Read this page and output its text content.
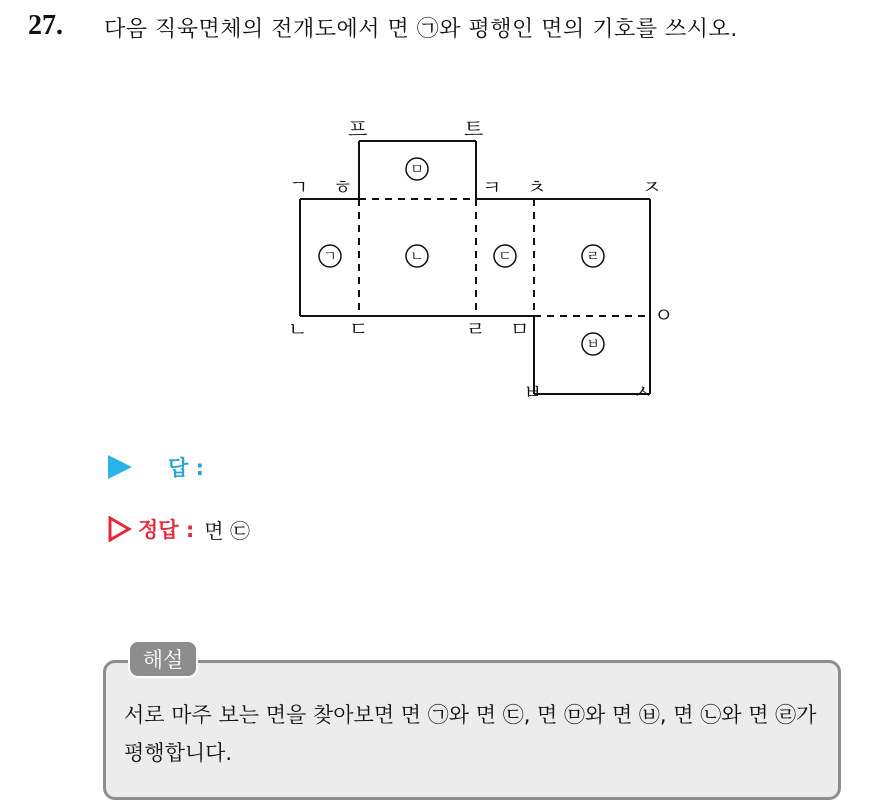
27. 다음 직육면체의 전개도에서 면 ㉠와 평행인 면의 기호를 쓰시오.
프	트
ㄱ ㅎ	ㅋ ㅊ	ㅈ
ㄴ ㄷ	ㄹ ㅁ
ㅇ
ㅂ	ㅅ
ㅁ
ㄱ	ㄴ	ㄷ	ㄹ
ㅂ
답 :
정답 : 면 ㉢
해설
서로 마주 보는 면을 찾아보면 면 ㉠와 면 ㉢, 면 ㉤와 면 ㉥, 면 ㉡와 면 ㉣가 평행합니다.
